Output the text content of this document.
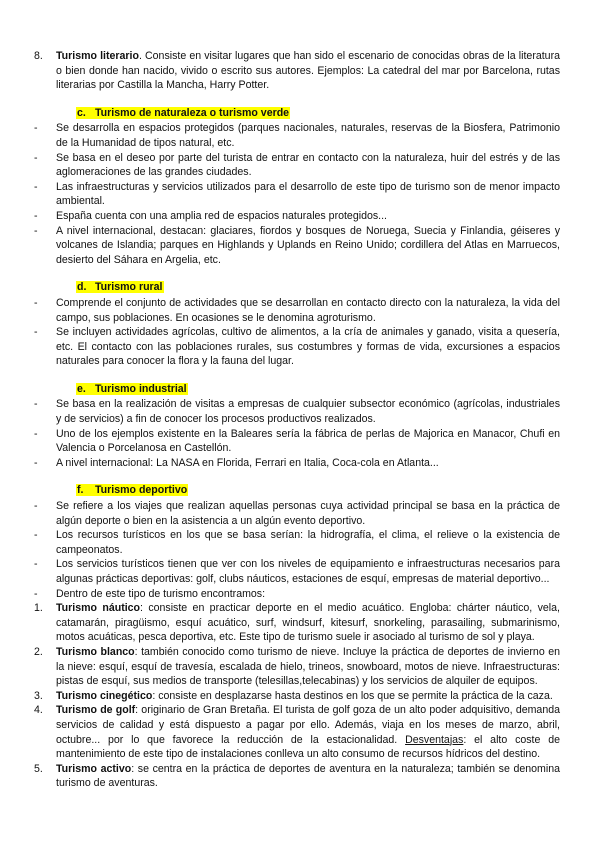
8.	Turismo literario. Consiste en visitar lugares que han sido el escenario de conocidas obras de la literatura o bien donde han nacido, vivido o escrito sus autores. Ejemplos: La catedral del mar por Barcelona, rutas literarias por Castilla la Mancha, Harry Potter.
c. Turismo de naturaleza o turismo verde
-	Se desarrolla en espacios protegidos (parques nacionales, naturales, reservas de la Biosfera, Patrimonio de la Humanidad de tipos natural, etc.
-	Se basa en el deseo por parte del turista de entrar en contacto con la naturaleza, huir del estrés y de las aglomeraciones de las grandes ciudades.
-	Las infraestructuras y servicios utilizados para el desarrollo de este tipo de turismo son de menor impacto ambiental.
-	España cuenta con una amplia red de espacios naturales protegidos...
-	A nivel internacional, destacan: glaciares, fiordos y bosques de Noruega, Suecia y Finlandia, géiseres y volcanes de Islandia; parques en Highlands y Uplands en Reino Unido; cordillera del Atlas en Marruecos, desierto del Sáhara en Argelia, etc.
d. Turismo rural
-	Comprende el conjunto de actividades que se desarrollan en contacto directo con la naturaleza, la vida del campo, sus poblaciones. En ocasiones se le denomina agroturismo.
-	Se incluyen actividades agrícolas, cultivo de alimentos, a la cría de animales y ganado, visita a quesería, etc. El contacto con las poblaciones rurales, sus costumbres y formas de vida, excursiones a espacios naturales para conocer la flora y la fauna del lugar.
e. Turismo industrial
-	Se basa en la realización de visitas a empresas de cualquier subsector económico (agrícolas, industriales y de servicios) a fin de conocer los procesos productivos realizados.
-	Uno de los ejemplos existente en la Baleares sería la fábrica de perlas de Majorica en Manacor, Chufi en Valencia o Porcelanosa en Castellón.
-	A nivel internacional: La NASA en Florida, Ferrari en Italia, Coca-cola en Atlanta...
f. Turismo deportivo
-	Se refiere a los viajes que realizan aquellas personas cuya actividad principal se basa en la práctica de algún deporte o bien en la asistencia a un algún evento deportivo.
-	Los recursos turísticos en los que se basa serían: la hidrografía, el clima, el relieve o la existencia de campeonatos.
-	Los servicios turísticos tienen que ver con los niveles de equipamiento e infraestructuras necesarios para algunas prácticas deportivas: golf, clubs náuticos, estaciones de esquí, empresas de material deportivo...
-	Dentro de este tipo de turismo encontramos:
1.	Turismo náutico: consiste en practicar deporte en el medio acuático. Engloba: chárter náutico, vela, catamarán, piragüismo, esquí acuático, surf, windsurf, kitesurf, snorkeling, parasailing, submarinismo, motos acuáticas, pesca deportiva, etc. Este tipo de turismo suele ir asociado al turismo de sol y playa.
2.	Turismo blanco: también conocido como turismo de nieve. Incluye la práctica de deportes de invierno en la nieve: esquí, esquí de travesía, escalada de hielo, trineos, snowboard, motos de nieve. Infraestructuras: pistas de esquí, sus medios de transporte (telesillas,telecabinas) y los servicios de alquiler de equipos.
3.	Turismo cinegético: consiste en desplazarse hasta destinos en los que se permite la práctica de la caza.
4.	Turismo de golf: originario de Gran Bretaña. El turista de golf goza de un alto poder adquisitivo, demanda servicios de calidad y está dispuesto a pagar por ello. Además, viaja en los meses de marzo, abril, octubre... por lo que favorece la reducción de la estacionalidad. Desventajas: el alto coste de mantenimiento de este tipo de instalaciones conlleva un alto consumo de recursos hídricos del destino.
5.	Turismo activo: se centra en la práctica de deportes de aventura en la naturaleza; también se denomina turismo de aventuras.
